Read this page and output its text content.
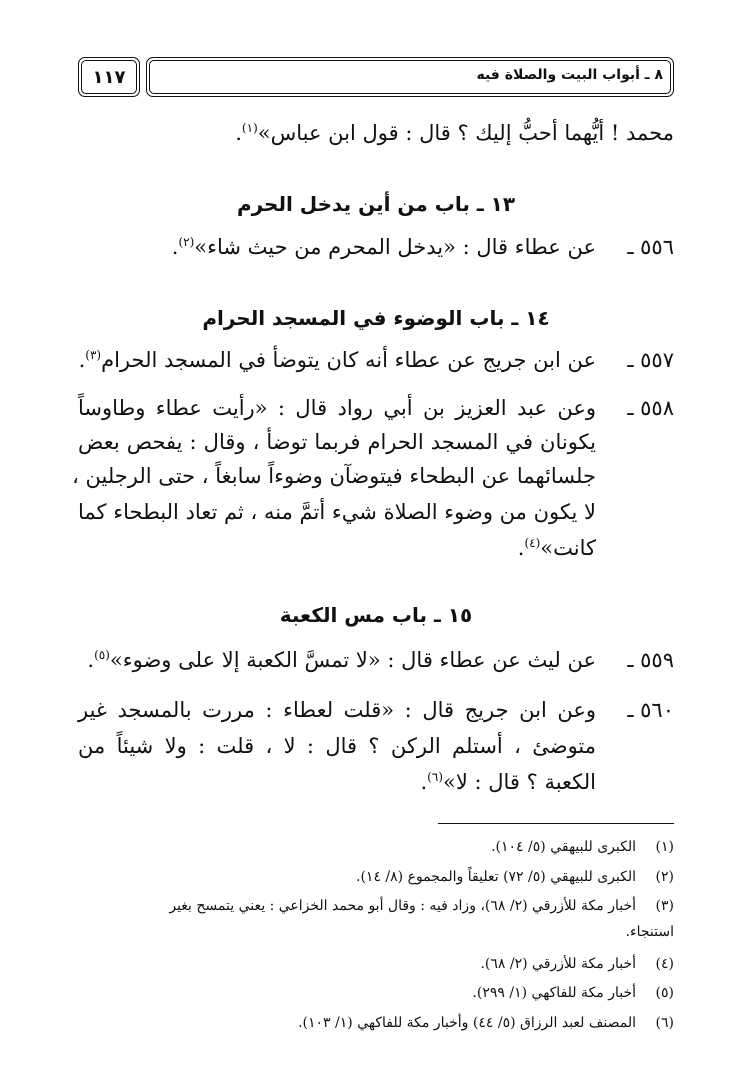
١١٧	٨ ـ أبواب البيت والصلاة فيه
محمد ! أيُّهما أحبُّ إليك ؟ قال : قول ابن عباس»$^{(١)}$.
١٣ ـ باب من أين يدخل الحرم
٥٥٦ ـ
عن عطاء قال : «يدخل المحرم من حيث شاء»$^{(٢)}$.
١٤ ـ باب الوضوء في المسجد الحرام
٥٥٧ ـ
عن ابن جريج عن عطاء أنه كان يتوضأ في المسجد الحرام$^{(٣)}$.
٥٥٨ ـ
وعن عبد العزيز بن أبي رواد قال : «رأيت عطاء وطاوساً
يكونان في المسجد الحرام فربما توضأ ، وقال : يفحص بعض
جلسائهما عن البطحاء فيتوضآن وضوءاً سابغاً ، حتى الرجلين ،
لا يكون من وضوء الصلاة شيء أتمَّ منه ، ثم تعاد البطحاء كما
كانت»$^{(٤)}$.
١٥ ـ باب مس الكعبة
٥٥٩ ـ
عن ليث عن عطاء قال : «لا تمسَّ الكعبة إلا على وضوء»$^{(٥)}$.
٥٦٠ ـ
وعن ابن جريج قال : «قلت لعطاء : مررت بالمسجد غير
متوضئ ، أستلم الركن ؟ قال : لا ، قلت : ولا شيئاً من
الكعبة ؟ قال : لا»$^{(٦)}$.
(١)الكبرى للبيهقي (٥/ ١٠٤).
(٢)الكبرى للبيهقي (٥/ ٧٢) تعليقاً والمجموع (٨/ ١٤).
(٣)أخبار مكة للأزرقي (٢/ ٦٨)، وزاد فيه : وقال أبو محمد الخزاعي : يعني يتمسح بغير
استنجاء.
(٤)أخبار مكة للأزرقي (٢/ ٦٨).
(٥)أخبار مكة للفاكهي (١/ ٢٩٩).
(٦)المصنف لعبد الرزاق (٥/ ٤٤) وأخبار مكة للفاكهي (١/ ١٠٣).
